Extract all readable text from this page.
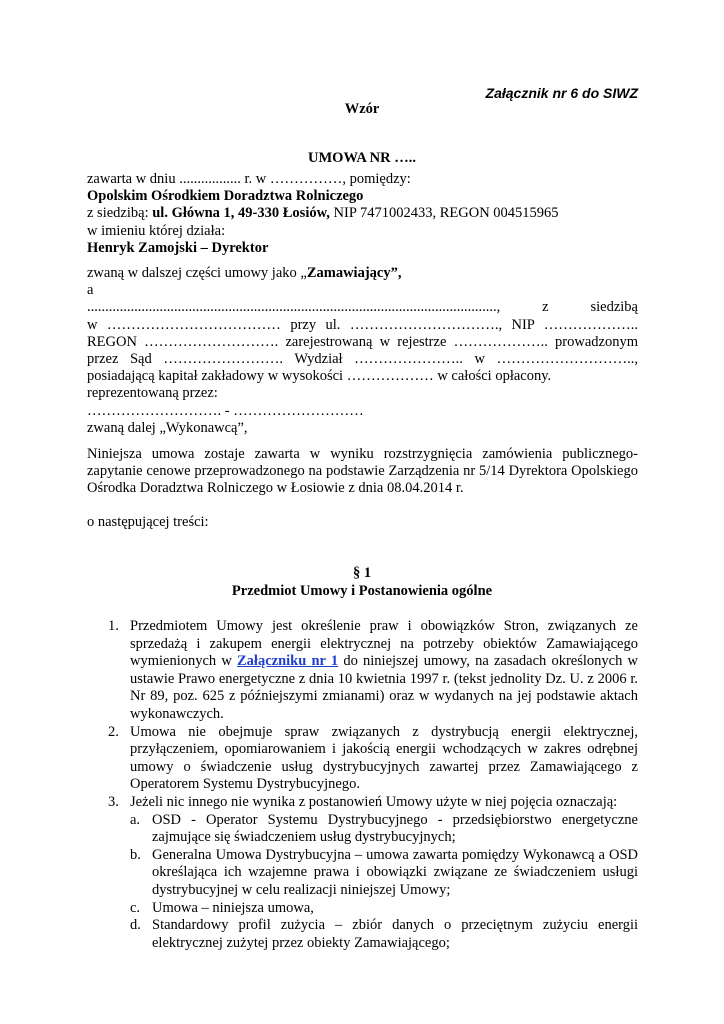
Załącznik nr 6 do SIWZ
Wzór
UMOWA NR …..
zawarta w dniu ................. r. w ……………, pomiędzy:
Opolskim Ośrodkiem Doradztwa Rolniczego
z siedzibą: ul. Główna 1, 49-330 Łosiów, NIP 7471002433, REGON 004515965
w imieniu której działa:
Henryk Zamojski – Dyrektor
zwaną w dalszej części umowy jako „Zamawiający”,
a
................................................................................................................., z siedzibą
w ……………………………… przy ul. …………………………., NIP ………………..
REGON ………………………. zarejestrowaną w rejestrze ……………….. prowadzonym
przez Sąd ……………………. Wydział ………………….. w ………………………..,
posiadającą kapitał zakładowy w wysokości ……………… w całości opłacony.
reprezentowaną przez:
………………………. - ………………………
zwaną dalej „Wykonawcą”,
Niniejsza umowa zostaje zawarta w wyniku rozstrzygnięcia zamówienia publicznego- zapytanie cenowe przeprowadzonego na podstawie Zarządzenia nr 5/14 Dyrektora Opolskiego Ośrodka Doradztwa Rolniczego w Łosiowie z dnia 08.04.2014 r.
o następującej treści:
§ 1
Przedmiot Umowy i Postanowienia ogólne
1. Przedmiotem Umowy jest określenie praw i obowiązków Stron, związanych ze sprzedażą i zakupem energii elektrycznej na potrzeby obiektów Zamawiającego wymienionych w Załączniku nr 1 do niniejszej umowy, na zasadach określonych w ustawie Prawo energetyczne z dnia 10 kwietnia 1997 r. (tekst jednolity Dz. U. z 2006 r. Nr 89, poz. 625 z późniejszymi zmianami) oraz w wydanych na jej podstawie aktach wykonawczych.
2. Umowa nie obejmuje spraw związanych z dystrybucją energii elektrycznej, przyłączeniem, opomiarowaniem i jakością energii wchodzących w zakres odrębnej umowy o świadczenie usług dystrybucyjnych zawartej przez Zamawiającego z Operatorem Systemu Dystrybucyjnego.
3. Jeżeli nic innego nie wynika z postanowień Umowy użyte w niej pojęcia oznaczają:
a. OSD - Operator Systemu Dystrybucyjnego - przedsiębiorstwo energetyczne zajmujące się świadczeniem usług dystrybucyjnych;
b. Generalna Umowa Dystrybucyjna – umowa zawarta pomiędzy Wykonawcą a OSD określająca ich wzajemne prawa i obowiązki związane ze świadczeniem usługi dystrybucyjnej w celu realizacji niniejszej Umowy;
c. Umowa – niniejsza umowa,
d. Standardowy profil zużycia – zbiór danych o przeciętnym zużyciu energii elektrycznej zużytej przez obiekty Zamawiającego;
